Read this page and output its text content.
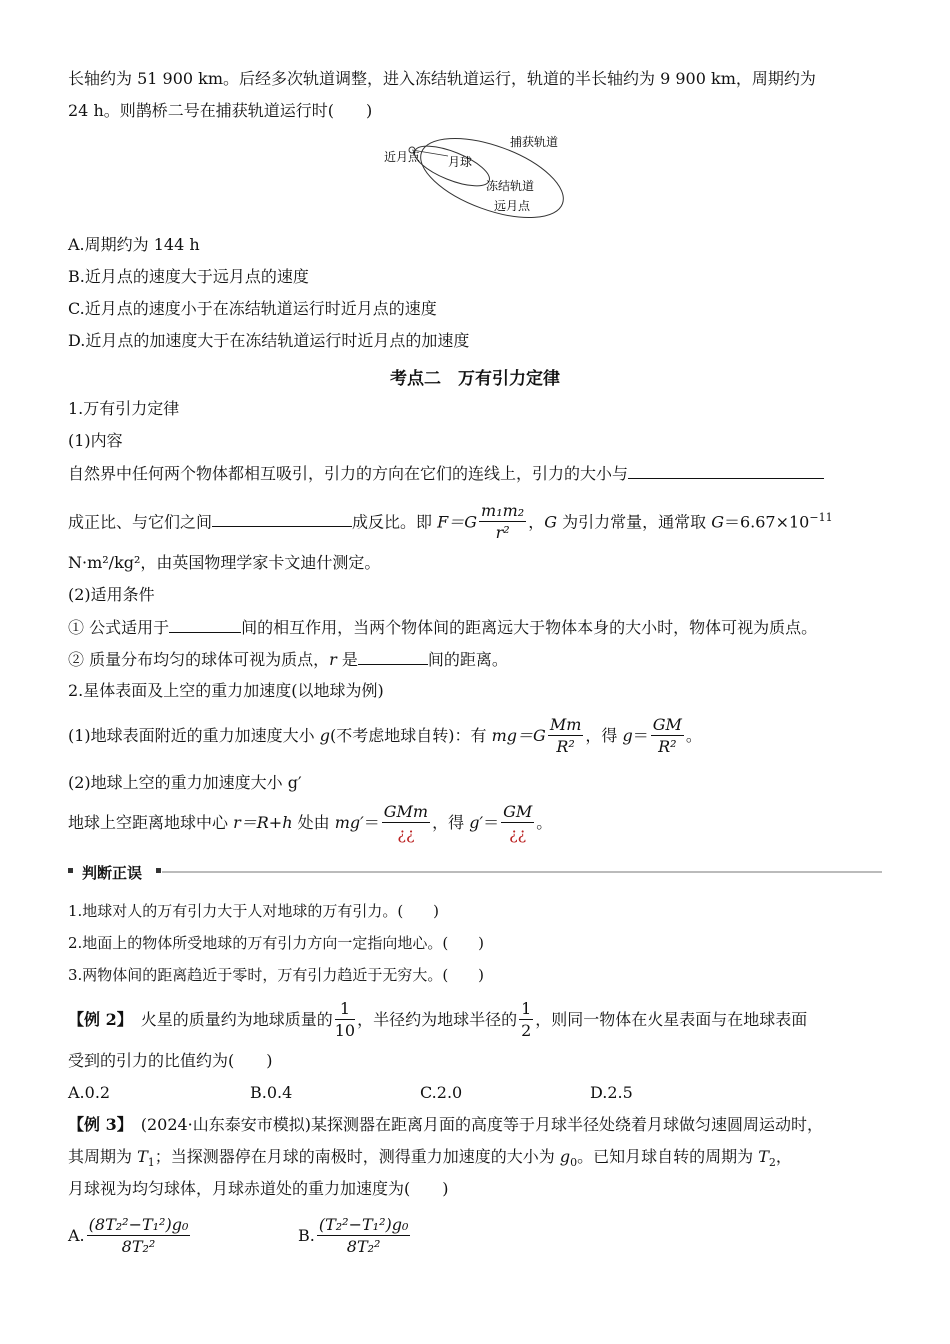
长轴约为 51 900 km。后经多次轨道调整，进入冻结轨道运行，轨道的半长轴约为 9 900 km，周期约为
24 h。则鹊桥二号在捕获轨道运行时(　　)
近月点 月球
捕获轨道
冻结轨道
远月点
A.周期约为 144 h
B.近月点的速度大于远月点的速度
C.近月点的速度小于在冻结轨道运行时近月点的速度
D.近月点的加速度大于在冻结轨道运行时近月点的加速度
考点二　万有引力定律
1.万有引力定律
(1)内容
自然界中任何两个物体都相互吸引，引力的方向在它们的连线上，引力的大小与
成正比、与它们之间	成反比。即 $F=G \frac{\text{m₁m₂}}{\text{r²}}$ ，G 为引力常量，通常取 $G=6.67\times 10^{-11}$
N·m²/kg²，由英国物理学家卡文迪什测定。
(2)适用条件
① 公式适用于	间的相互作用，当两个物体间的距离远大于物体本身的大小时，物体可视为质点。
② 质量分布均匀的球体可视为质点，r 是	间的距离。
2.星体表面及上空的重力加速度(以地球为例)
(1)地球表面附近的重力加速度大小 g(不考虑地球自转)：有 $mg=G \frac{Mm}{\text{R²}}$ ，得 $g= \frac{GM}{\text{R²}}$ 。
(2)地球上空的重力加速度大小 g′
地球上空距离地球中心 r＝R+h 处由 $mg'= \frac{\text{GMm}}{¿¿}$ ，得 $g'= \frac{GM}{¿¿}$ 。
判断正误
1.地球对人的万有引力大于人对地球的万有引力。(　　)
2.地面上的物体所受地球的万有引力方向一定指向地心。(　　)
3.两物体间的距离趋近于零时，万有引力趋近于无穷大。(　　)
【例 2】　火星的质量约为地球质量的 $\frac{1}{10}$ ，半径约为地球半径的 $\frac{1}{2}$ ，则同一物体在火星表面与在地球表面
受到的引力的比值约为(　　)
A.0.2	B.0.4	C.2.0	D.2.5
【例 3】　(2024·山东泰安市模拟)某探测器在距离月面的高度等于月球半径处绕着月球做匀速圆周运动时，
其周期为 $T_1$；当探测器停在月球的南极时，测得重力加速度的大小为 $g_0$。已知月球自转的周期为 $T_2$，
月球视为均匀球体，月球赤道处的重力加速度为(　　)
A. $\frac{\text{(8T₂²−T₁²)g₀}}{\text{8T₂²}}$	B. $\frac{\text{(T₂²−T₁²)g₀}}{\text{8T₂²}}$
